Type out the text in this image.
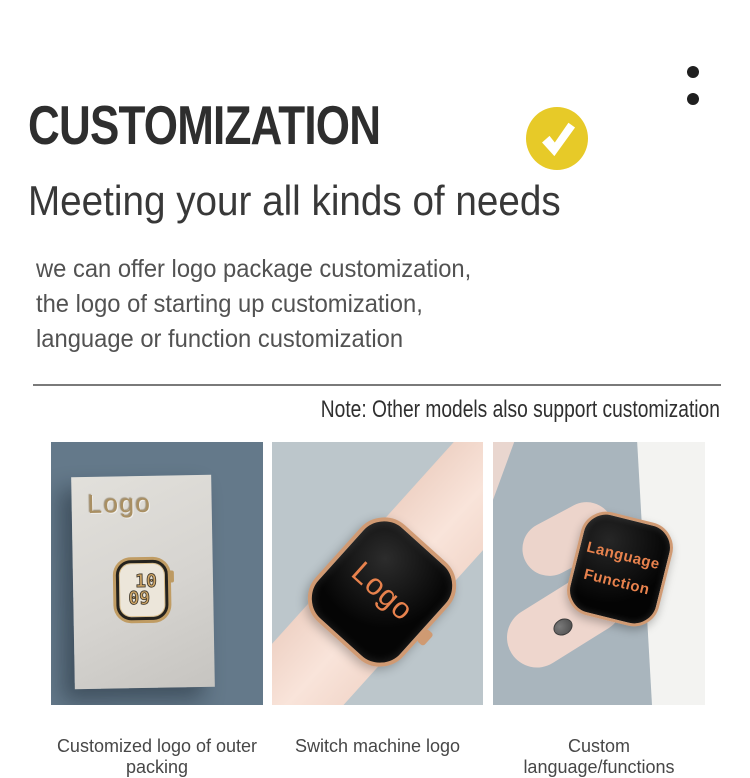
CUSTOMIZATION
Meeting your all kinds of needs
we can offer logo package customization,
the logo of starting up customization,
language or function customization
Note: Other models also support customization
Logo
10
09	Logo	Language
Function
Customized logo of outer packing
Switch machine logo	Custom language/functions
